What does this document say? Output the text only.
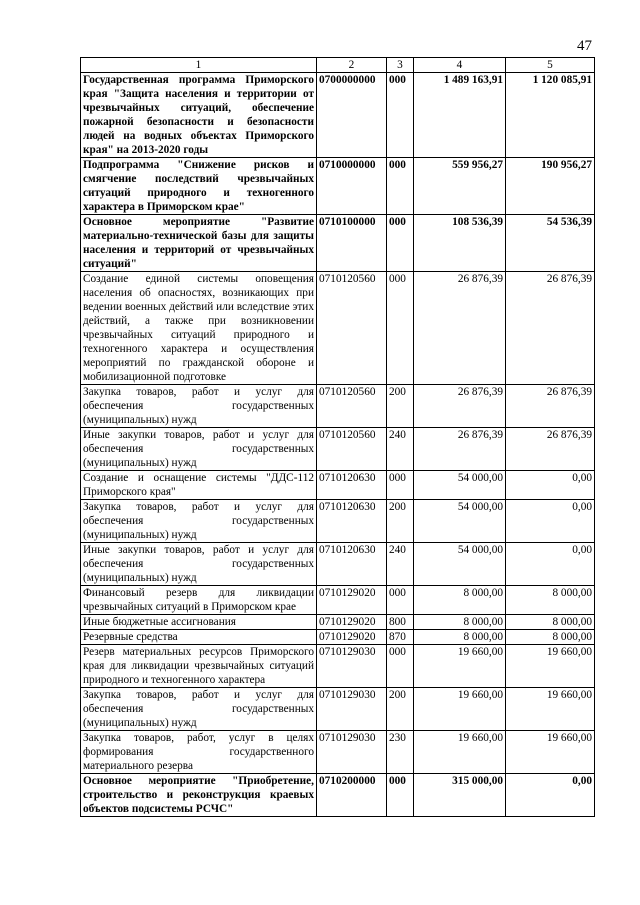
47
1	2	3	4	5
Государственная программа Приморского края "Защита населения и территории от чрезвычайных ситуаций, обеспечение пожарной безопасности и безопасности людей на водных объектах Приморского края" на 2013-2020 годы	0700000000	000	1 489 163,91	1 120 085,91
Подпрограмма "Снижение рисков и смягчение последствий чрезвычайных ситуаций природного и техногенного характера в Приморском крае"	0710000000	000	559 956,27	190 956,27
Основное мероприятие "Развитие материально-технической базы для защиты населения и территорий от чрезвычайных ситуаций"	0710100000	000	108 536,39	54 536,39
Создание единой системы оповещения населения об опасностях, возникающих при ведении военных действий или вследствие этих действий, а также при возникновении чрезвычайных ситуаций природного и техногенного характера и осуществления мероприятий по гражданской обороне и мобилизационной подготовке	0710120560	000	26 876,39	26 876,39
Закупка товаров, работ и услуг для обеспечения государственных (муниципальных) нужд	0710120560	200	26 876,39	26 876,39
Иные закупки товаров, работ и услуг для обеспечения государственных (муниципальных) нужд	0710120560	240	26 876,39	26 876,39
Создание и оснащение системы "ДДС-112 Приморского края"	0710120630	000	54 000,00	0,00
Закупка товаров, работ и услуг для обеспечения государственных (муниципальных) нужд	0710120630	200	54 000,00	0,00
Иные закупки товаров, работ и услуг для обеспечения государственных (муниципальных) нужд	0710120630	240	54 000,00	0,00
Финансовый резерв для ликвидации чрезвычайных ситуаций в Приморском крае	0710129020	000	8 000,00	8 000,00
Иные бюджетные ассигнования	0710129020	800	8 000,00	8 000,00
Резервные средства	0710129020	870	8 000,00	8 000,00
Резерв материальных ресурсов Приморского края для ликвидации чрезвычайных ситуаций природного и техногенного характера	0710129030	000	19 660,00	19 660,00
Закупка товаров, работ и услуг для обеспечения государственных (муниципальных) нужд	0710129030	200	19 660,00	19 660,00
Закупка товаров, работ, услуг в целях формирования государственного материального резерва	0710129030	230	19 660,00	19 660,00
Основное мероприятие "Приобретение, строительство и реконструкция краевых объектов подсистемы РСЧС"	0710200000	000	315 000,00	0,00
